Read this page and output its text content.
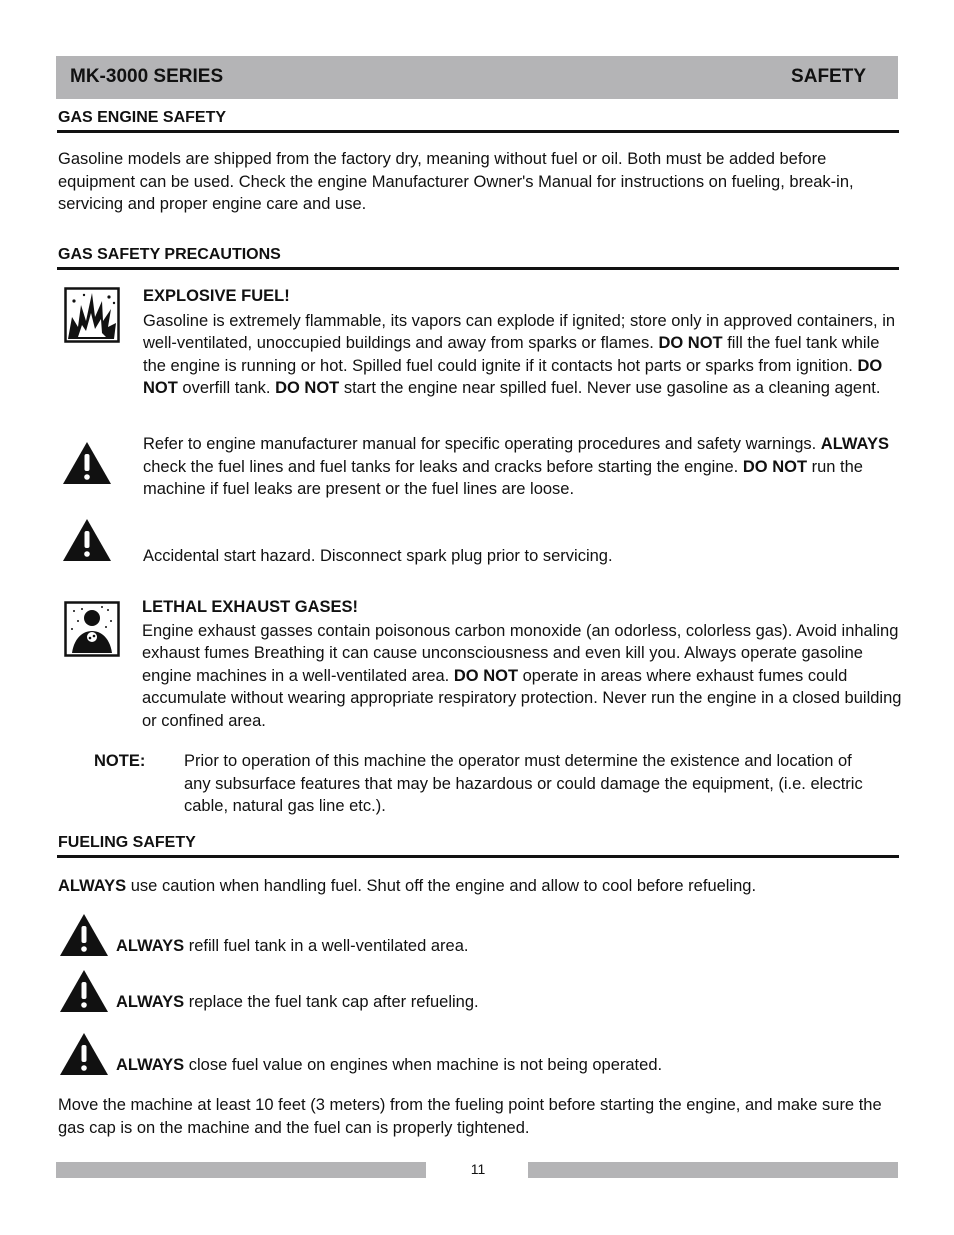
MK-3000 SERIES	SAFETY
GAS ENGINE SAFETY
Gasoline models are shipped from the factory dry, meaning without fuel or oil. Both must be added before equipment can be used. Check the engine Manufacturer Owner's Manual for instructions on fueling, break-in, servicing and proper engine care and use.
GAS SAFETY PRECAUTIONS
EXPLOSIVE FUEL!
Gasoline is extremely flammable, its vapors can explode if ignited; store only in approved containers, in well-ventilated, unoccupied buildings and away from sparks or flames. DO NOT fill the fuel tank while the engine is running or hot. Spilled fuel could ignite if it contacts hot parts or sparks from ignition. DO NOT overfill tank. DO NOT start the engine near spilled fuel. Never use gasoline as a cleaning agent.
Refer to engine manufacturer manual for specific operating procedures and safety warnings. ALWAYS check the fuel lines and fuel tanks for leaks and cracks before starting the engine. DO NOT run the machine if fuel leaks are present or the fuel lines are loose.
Accidental start hazard. Disconnect spark plug prior to servicing.
LETHAL EXHAUST GASES!
Engine exhaust gasses contain poisonous carbon monoxide (an odorless, colorless gas). Avoid inhaling exhaust fumes Breathing it can cause unconsciousness and even kill you. Always operate gasoline engine machines in a well-ventilated area. DO NOT operate in areas where exhaust fumes could accumulate without wearing appropriate respiratory protection. Never run the engine in a closed building or confined area.
NOTE: Prior to operation of this machine the operator must determine the existence and location of any subsurface features that may be hazardous or could damage the equipment, (i.e. electric cable, natural gas line etc.).
FUELING SAFETY
ALWAYS use caution when handling fuel. Shut off the engine and allow to cool before refueling.
ALWAYS refill fuel tank in a well-ventilated area.
ALWAYS replace the fuel tank cap after refueling.
ALWAYS close fuel value on engines when machine is not being operated.
Move the machine at least 10 feet (3 meters) from the fueling point before starting the engine, and make sure the gas cap is on the machine and the fuel can is properly tightened.
11
